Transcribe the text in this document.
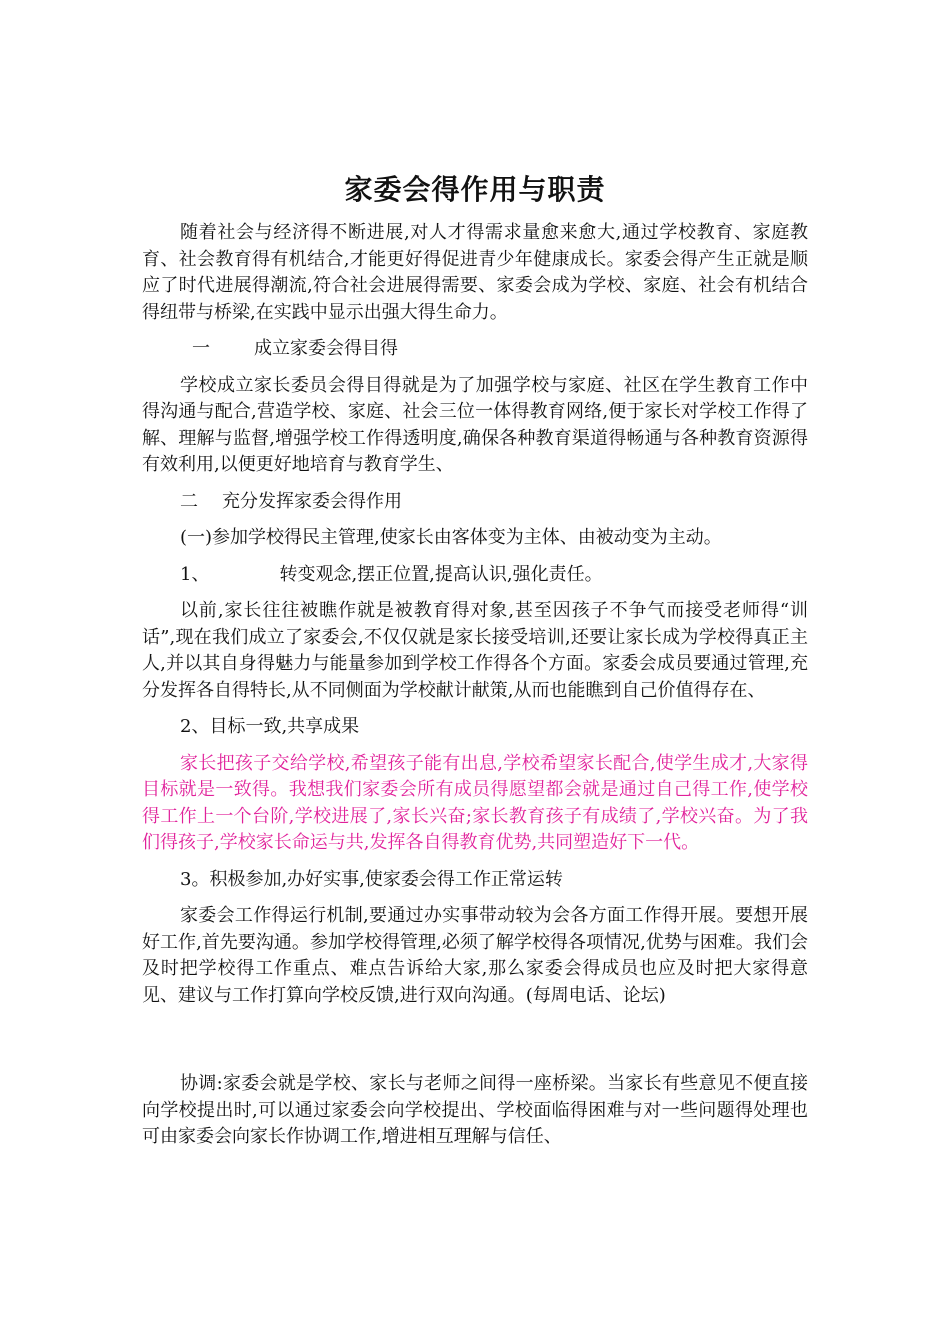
家委会得作用与职责

随着社会与经济得不断进展,对人才得需求量愈来愈大,通过学校教育、家庭教育、社会教育得有机结合,才能更好得促进青少年健康成长。家委会得产生正就是顺应了时代进展得潮流,符合社会进展得需要、家委会成为学校、家庭、社会有机结合得纽带与桥梁,在实践中显示出强大得生命力。

一 成立家委会得目得

学校成立家长委员会得目得就是为了加强学校与家庭、社区在学生教育工作中得沟通与配合,营造学校、家庭、社会三位一体得教育网络,便于家长对学校工作得了解、理解与监督,增强学校工作得透明度,确保各种教育渠道得畅通与各种教育资源得有效利用,以便更好地培育与教育学生、

二 充分发挥家委会得作用

(一)参加学校得民主管理,使家长由客体变为主体、由被动变为主动。

1、	转变观念,摆正位置,提高认识,强化责任。

以前,家长往往被瞧作就是被教育得对象,甚至因孩子不争气而接受老师得“训话”,现在我们成立了家委会,不仅仅就是家长接受培训,还要让家长成为学校得真正主人,并以其自身得魅力与能量参加到学校工作得各个方面。家委会成员要通过管理,充分发挥各自得特长,从不同侧面为学校献计献策,从而也能瞧到自己价值得存在、

2、目标一致,共享成果

家长把孩子交给学校,希望孩子能有出息,学校希望家长配合,使学生成才,大家得目标就是一致得。我想我们家委会所有成员得愿望都会就是通过自己得工作,使学校得工作上一个台阶,学校进展了,家长兴奋;家长教育孩子有成绩了,学校兴奋。为了我们得孩子,学校家长命运与共,发挥各自得教育优势,共同塑造好下一代。

3。积极参加,办好实事,使家委会得工作正常运转

家委会工作得运行机制,要通过办实事带动较为会各方面工作得开展。要想开展好工作,首先要沟通。参加学校得管理,必须了解学校得各项情况,优势与困难。我们会及时把学校得工作重点、难点告诉给大家,那么家委会得成员也应及时把大家得意见、建议与工作打算向学校反馈,进行双向沟通。(每周电话、论坛)

协调:家委会就是学校、家长与老师之间得一座桥梁。当家长有些意见不便直接向学校提出时,可以通过家委会向学校提出、学校面临得困难与对一些问题得处理也可由家委会向家长作协调工作,增进相互理解与信任、
